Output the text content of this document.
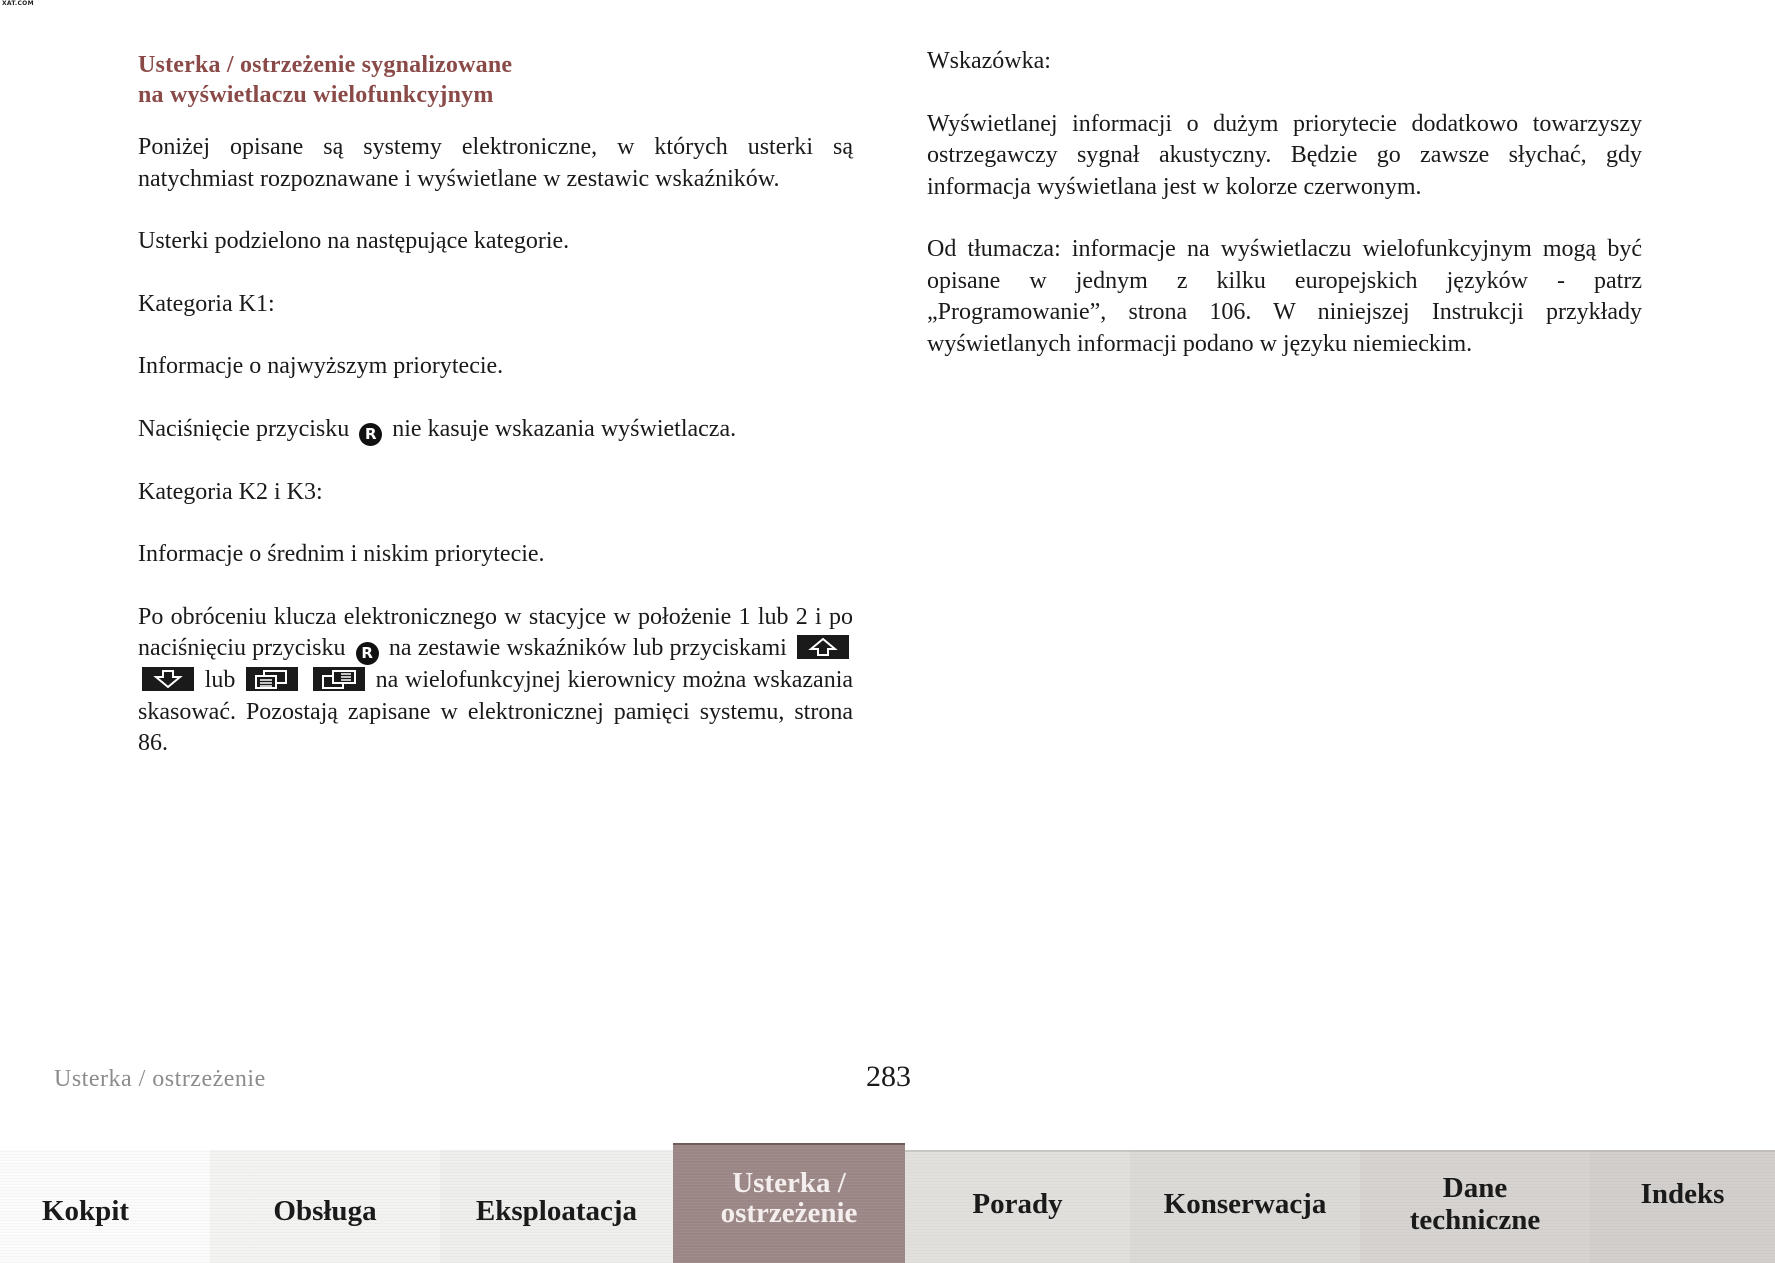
XAT.COM
Usterka / ostrzeżenie sygnalizowane
na wyświetlaczu wielofunkcyjnym
Poniżej opisane są systemy elektroniczne, w których usterki są natychmiast rozpoznawane i wyświetlane w zestawic wskaźników.
Usterki podzielono na następujące kategorie.
Kategoria K1:
Informacje o najwyższym priorytecie.
Naciśnięcie przycisku R nie kasuje wskazania wyświetlacza.
Kategoria K2 i K3:
Informacje o średnim i niskim priorytecie.
Po obróceniu klucza elektronicznego w stacyjce w położenie 1 lub 2 i po naciśnięciu przycisku R na zestawie wskaźników lub przyciskami

lub
	na wielofunkcyjnej kierownicy można wskazania skasować. Pozostają zapisane w elektronicznej pamięci systemu, strona 86.
Wskazówka:
Wyświetlanej informacji o dużym priorytecie dodatkowo towarzyszy ostrzegawczy sygnał akustyczny. Będzie go zawsze słychać, gdy informacja wyświetlana jest w kolorze czerwonym.
Od tłumacza: informacje na wyświetlaczu wielofunkcyjnym mogą być opisane w jednym z kilku europejskich języków - patrz „Programowanie”, strona 106. W niniejszej Instrukcji przykłady wyświetlanych informacji podano w języku niemieckim.
Usterka / ostrzeżenie	283
Kokpit	Obsługa	Eksploatacja
Usterka /
ostrzeżenie	Porady	Konserwacja	Dane
techniczne
Indeks
